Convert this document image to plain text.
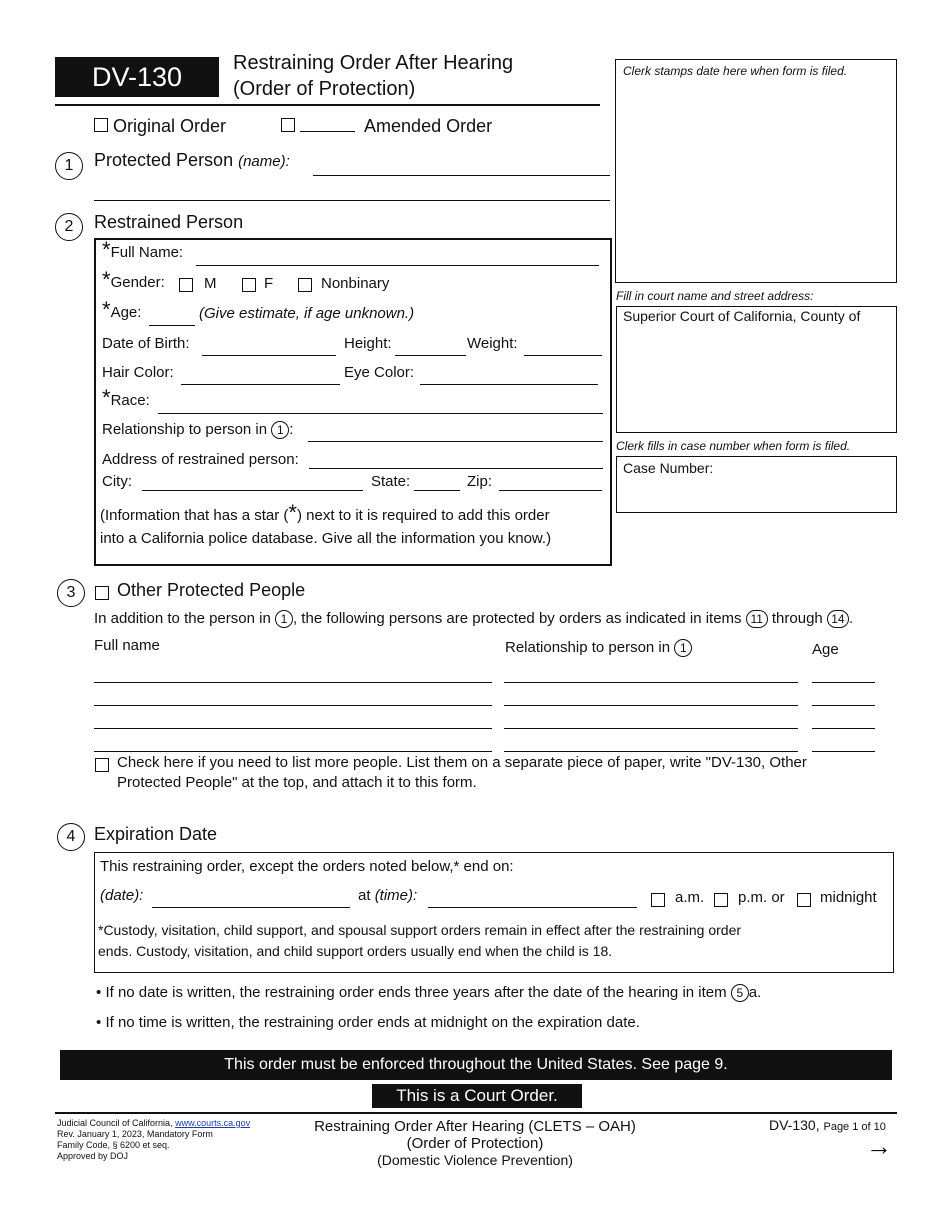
DV-130	Restraining Order After Hearing
(Order of Protection)
Original Order	Amended Order
Clerk stamps date here when form is filed.
Fill in court name and street address:
Superior Court of California, County of
Clerk fills in case number when form is filed.
Case Number:
1	Protected Person (name):
2	Restrained Person
*Full Name:
*Gender:	M	F	Nonbinary
*Age:	(Give estimate, if age unknown.)
Date of Birth:	Height:	Weight:
Hair Color:	Eye Color:
*Race:
Relationship to person in 1 :
Address of restrained person:
City:	State:	Zip:
(Information that has a star (*) next to it is required to add this order
into a California police database. Give all the information you know.)
3	Other Protected People
In addition to the person in 1 , the following persons are protected by orders as indicated in items 11 through 14 .
Full name	Relationship to person in 1	Age
Check here if you need to list more people. List them on a separate piece of paper, write "DV-130, Other
Protected People" at the top, and attach it to this form.
4	Expiration Date
This restraining order, except the orders noted below,* end on:
(date):	at (time):	a.m. p.m. or midnight
*Custody, visitation, child support, and spousal support orders remain in effect after the restraining order
ends. Custody, visitation, and child support orders usually end when the child is 18.
• If no date is written, the restraining order ends three years after the date of the hearing in item 5 a.
• If no time is written, the restraining order ends at midnight on the expiration date.
This order must be enforced throughout the United States. See page 9.
This is a Court Order.
Judicial Council of California, www.courts.ca.gov
Rev. January 1, 2023, Mandatory Form
Family Code, § 6200 et seq.
Approved by DOJ
Restraining Order After Hearing (CLETS – OAH)
(Order of Protection)
(Domestic Violence Prevention)
DV-130, Page 1 of 10
→
